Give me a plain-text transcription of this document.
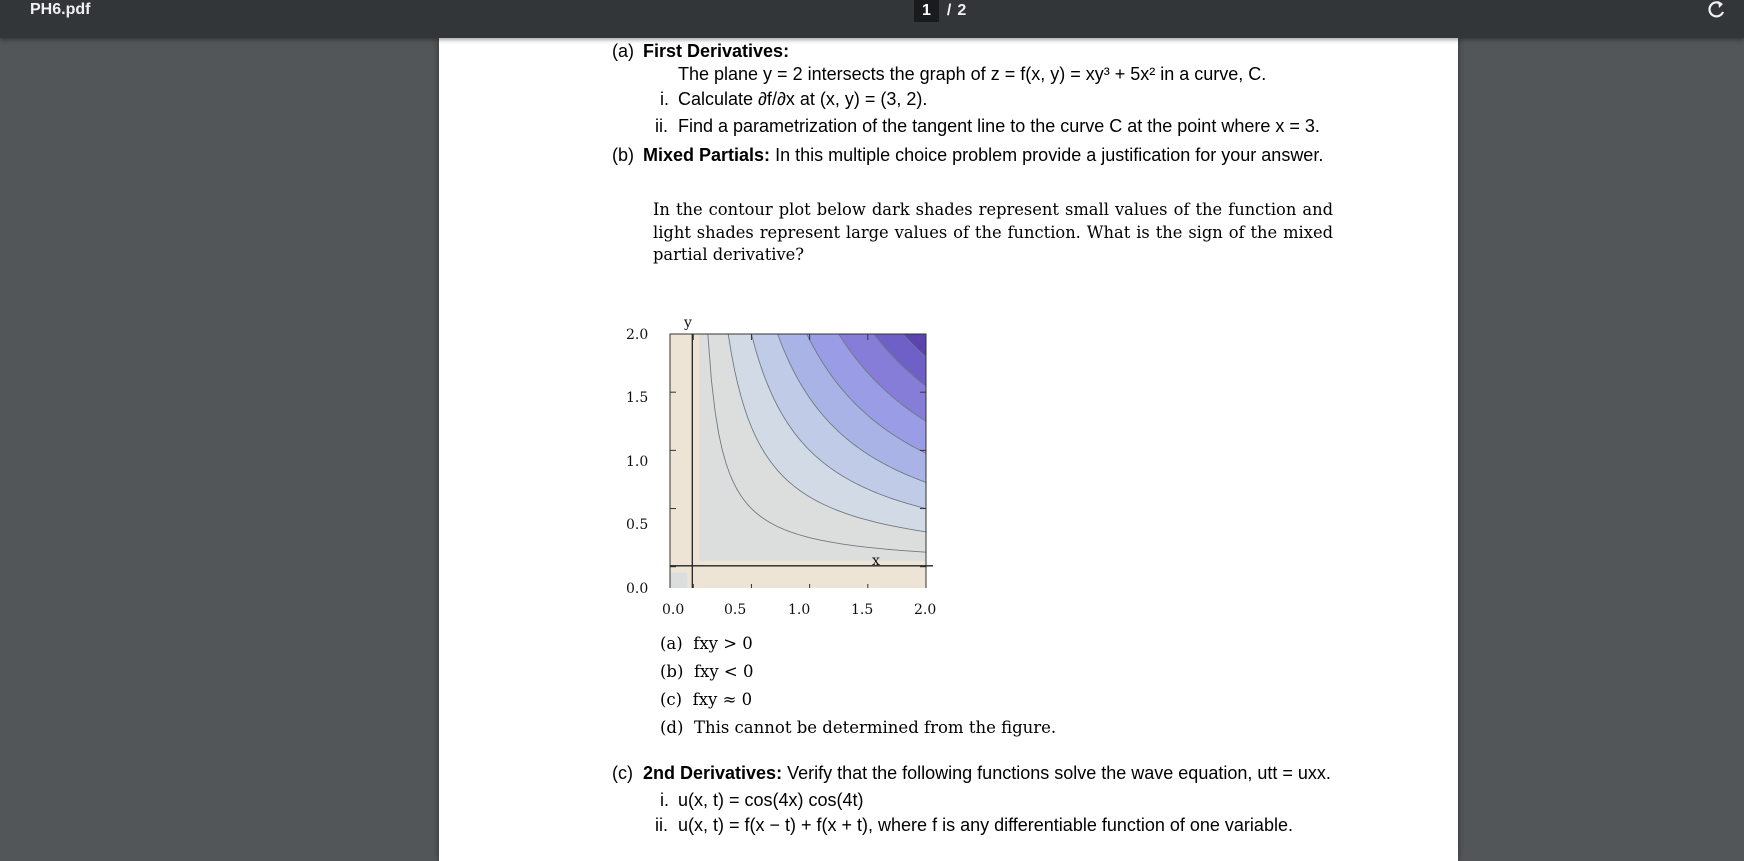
PH6.pdf	1	/ 2
(a) First Derivatives:
The plane y = 2 intersects the graph of z = f(x, y) = xy³ + 5x² in a curve, C.
i. Calculate ∂f/∂x at (x, y) = (3, 2).
ii. Find a parametrization of the tangent line to the curve C at the point where x = 3.
(b) Mixed Partials: In this multiple choice problem provide a justification for your answer.
In the contour plot below dark shades represent small values of the function and light shades represent large values of the function. What is the sign of the mixed partial derivative?
x
y
0.0	0.5	1.0	1.5	2.0
2.0
1.5
1.0
0.5
0.0
(a) fxy > 0
(b) fxy < 0
(c) fxy ≈ 0
(d) This cannot be determined from the figure.
(c) 2nd Derivatives: Verify that the following functions solve the wave equation, utt = uxx.
i. u(x, t) = cos(4x) cos(4t)
ii. u(x, t) = f(x − t) + f(x + t), where f is any differentiable function of one variable.
